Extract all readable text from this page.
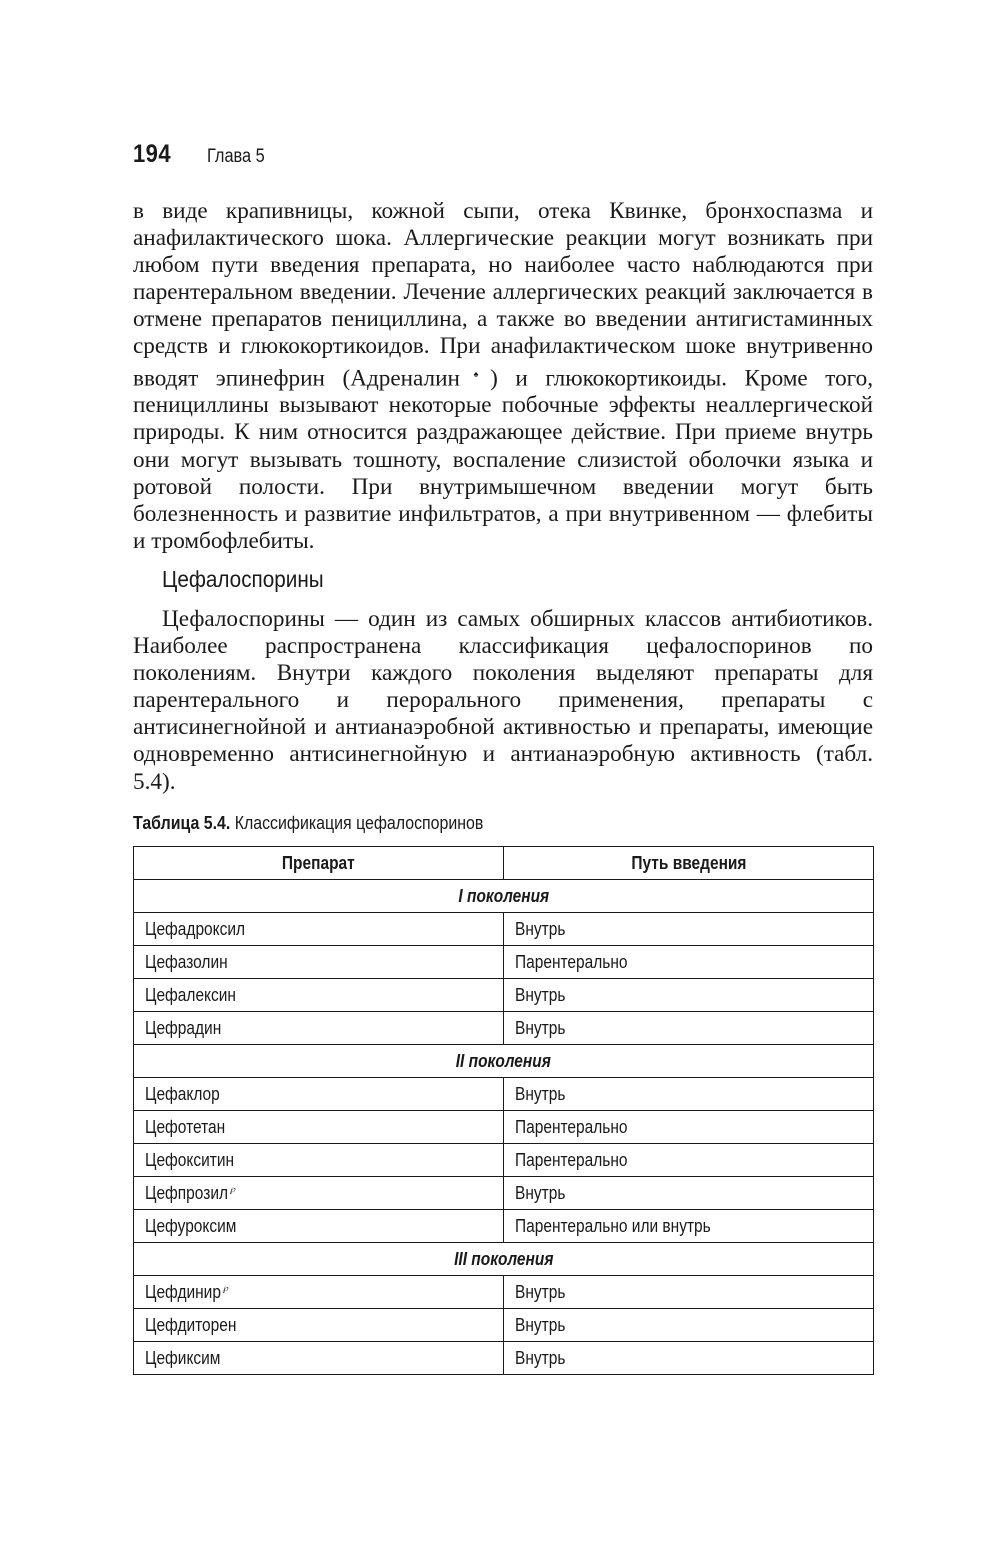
194 Глава 5

в виде крапивницы, кожной сыпи, отека Квинке, бронхоспазма и анафилактического шока. Аллергические реакции могут возникать при любом пути введения препарата, но наиболее часто наблюдаются при парентеральном введении. Лечение аллергических реакций заключается в отмене препаратов пенициллина, а также во введении антигистаминных средств и глюкокортикоидов. При анафилактическом шоке внутривенно вводят эпинефрин (Адреналин ♠) и глюкокортикоиды. Кроме того, пенициллины вызывают некоторые побочные эффекты неаллергической природы. К ним относится раздражающее действие. При приеме внутрь они могут вызывать тошноту, воспаление слизистой оболочки языка и ротовой полости. При внутримышечном введении могут быть болезненность и развитие инфильтратов, а при внутривенном — флебиты и тромбофлебиты.

Цефалоспорины

Цефалоспорины — один из самых обширных классов антибиотиков. Наиболее распространена классификация цефалоспоринов по поколениям. Внутри каждого поколения выделяют препараты для парентерального и перорального применения, препараты с антисинегнойной и антианаэробной активностью и препараты, имеющие одновременно антисинегнойную и антианаэробную активность (табл. 5.4).

Таблица 5.4. Классификация цефалоспоринов
Препарат	Путь введения
I поколения	
Цефадроксил	Внутрь
Цефазолин	Парентерально
Цефалексин	Внутрь
Цефрадин	Внутрь
II поколения	
Цефаклор	Внутрь
Цефотетан	Парентерально
Цефокситин	Парентерально
Цефпрозил ℘	Внутрь
Цефуроксим	Парентерально или внутрь
III поколения	
Цефдинир ℘	Внутрь
Цефдиторен	Внутрь
Цефиксим	Внутрь
